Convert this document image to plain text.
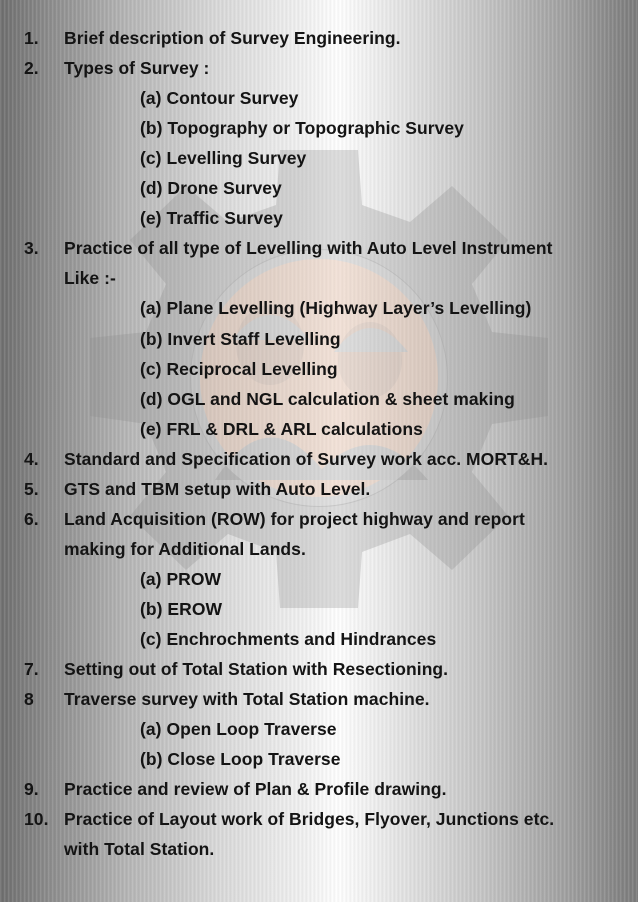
1. Brief description of Survey Engineering.
2. Types of Survey :
(a) Contour Survey
(b) Topography or Topographic Survey
(c) Levelling Survey
(d) Drone Survey
(e) Traffic Survey
3. Practice of all type of Levelling with Auto Level Instrument
Like :-
(a) Plane Levelling (Highway Layer’s Levelling)
(b) Invert Staff Levelling
(c) Reciprocal Levelling
(d) OGL and NGL calculation & sheet making
(e) FRL & DRL & ARL calculations
4. Standard and Specification of Survey work acc. MORT&H.
5. GTS and TBM setup with Auto Level.
6. Land Acquisition (ROW) for project highway and report
making for Additional Lands.
(a) PROW
(b) EROW
(c) Enchrochments and Hindrances
7. Setting out of Total Station with Resectioning.
8 Traverse survey with Total Station machine.
(a) Open Loop Traverse
(b) Close Loop Traverse
9. Practice and review of Plan & Profile drawing.
10. Practice of Layout work of Bridges, Flyover, Junctions etc.
with Total Station.
